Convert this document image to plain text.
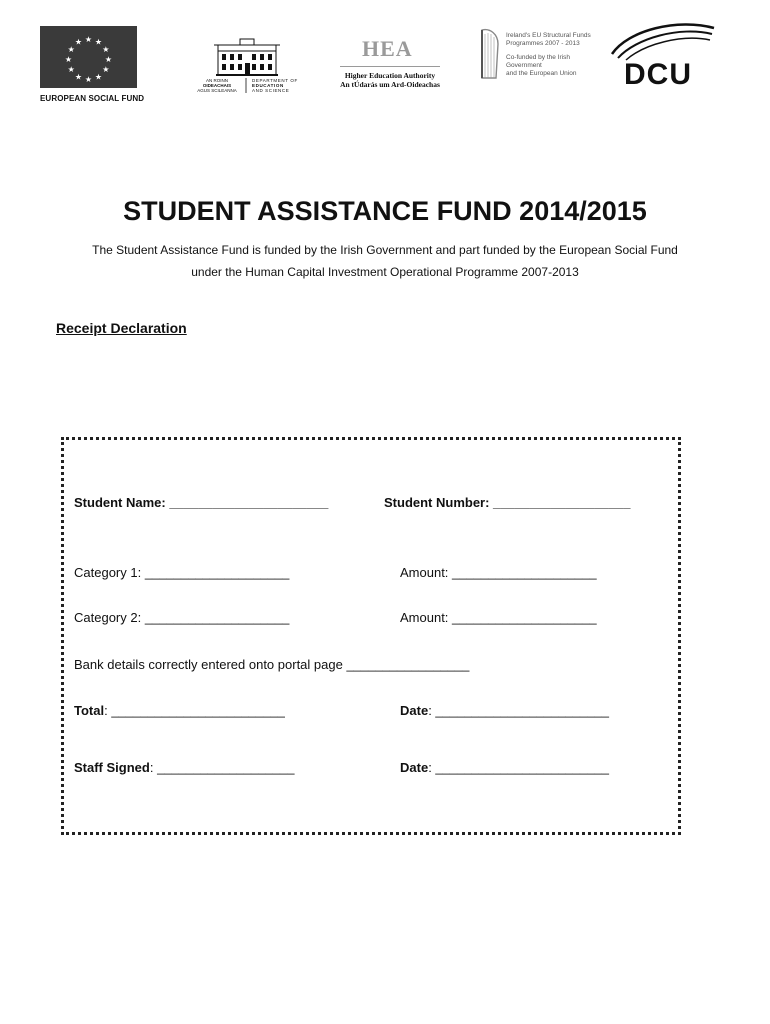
★ ★
★
★
★
★
★
★
★
★
★
★
EUROPEAN SOCIAL FUND
AN ROINN
OIDEACHAIS
AGUS SCILEANNA
DEPARTMENT OF
EDUCATION
AND SCIENCE
HEA
Higher Education Authority
An tÚdarás um Ard-Oideachas
Ireland's EU Structural Funds
Programmes 2007 - 2013
Co-funded by the Irish Government
and the European Union	DCU
STUDENT ASSISTANCE FUND 2014/2015
The Student Assistance Fund is funded by the Irish Government and part funded by the European Social Fund
under the Human Capital Investment Operational Programme 2007-2013
Receipt Declaration
Student Name: ______________________	Student Number: ___________________
Category 1: ____________________	Amount: ____________________
Category 2: ____________________	Amount: ____________________
Bank details correctly entered onto portal page _________________
Total: ________________________	Date: ________________________
Staff Signed: ___________________	Date: ________________________
